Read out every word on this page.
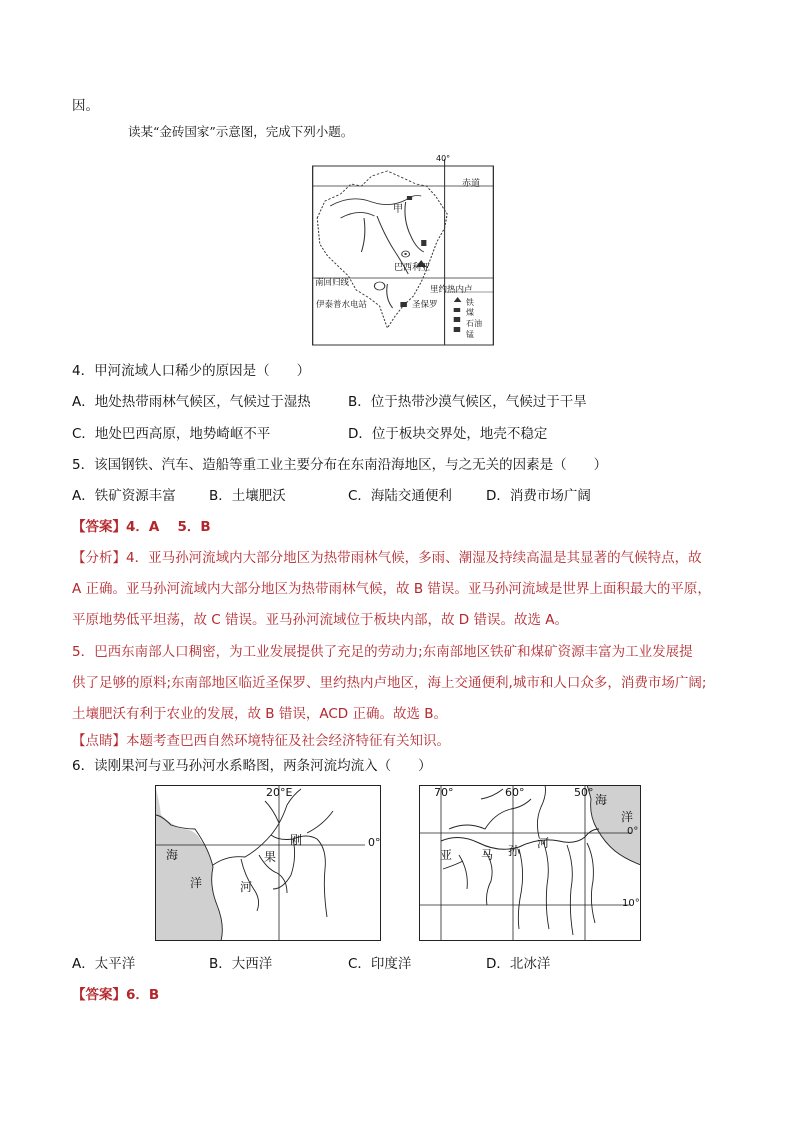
因。
读某“金砖国家”示意图，完成下列小题。
40°
赤道
甲
巴西利亚
南回归线
里约热内卢
伊泰普水电站	圣保罗	铁
煤
石油
锰
4．甲河流域人口稀少的原因是（　　）
A．地处热带雨林气候区，气候过于湿热	B．位于热带沙漠气候区，气候过于干旱
C．地处巴西高原，地势崎岖不平	D．位于板块交界处，地壳不稳定
5．该国钢铁、汽车、造船等重工业主要分布在东南沿海地区，与之无关的因素是（　　）
A．铁矿资源丰富 B．土壤肥沃	C．海陆交通便利	D．消费市场广阔
【答案】4．A　 5．B
【分析】4．亚马孙河流域内大部分地区为热带雨林气候，多雨、潮湿及持续高温是其显著的气候特点，故
A 正确。亚马孙河流域内大部分地区为热带雨林气候，故 B 错误。亚马孙河流域是世界上面积最大的平原，
平原地势低平坦荡，故 C 错误。亚马孙河流域位于板块内部，故 D 错误。故选 A。
5．巴西东南部人口稠密，为工业发展提供了充足的劳动力;东南部地区铁矿和煤矿资源丰富为工业发展提
供了足够的原料;东南部地区临近圣保罗、里约热内卢地区，海上交通便利,城市和人口众多，消费市场广阔;
土壤肥沃有利于农业的发展，故 B 错误，ACD 正确。故选 B。
【点睛】本题考查巴西自然环境特征及社会经济特征有关知识。
6．读刚果河与亚马孙河水系略图，两条河流均流入（　　）
20°E
0°
海
洋
刚
果
河
70°	60°	50°
海
洋
0°
10°
亚 马 孙
河
A．太平洋	B．大西洋	C．印度洋	D．北冰洋
【答案】6．B
